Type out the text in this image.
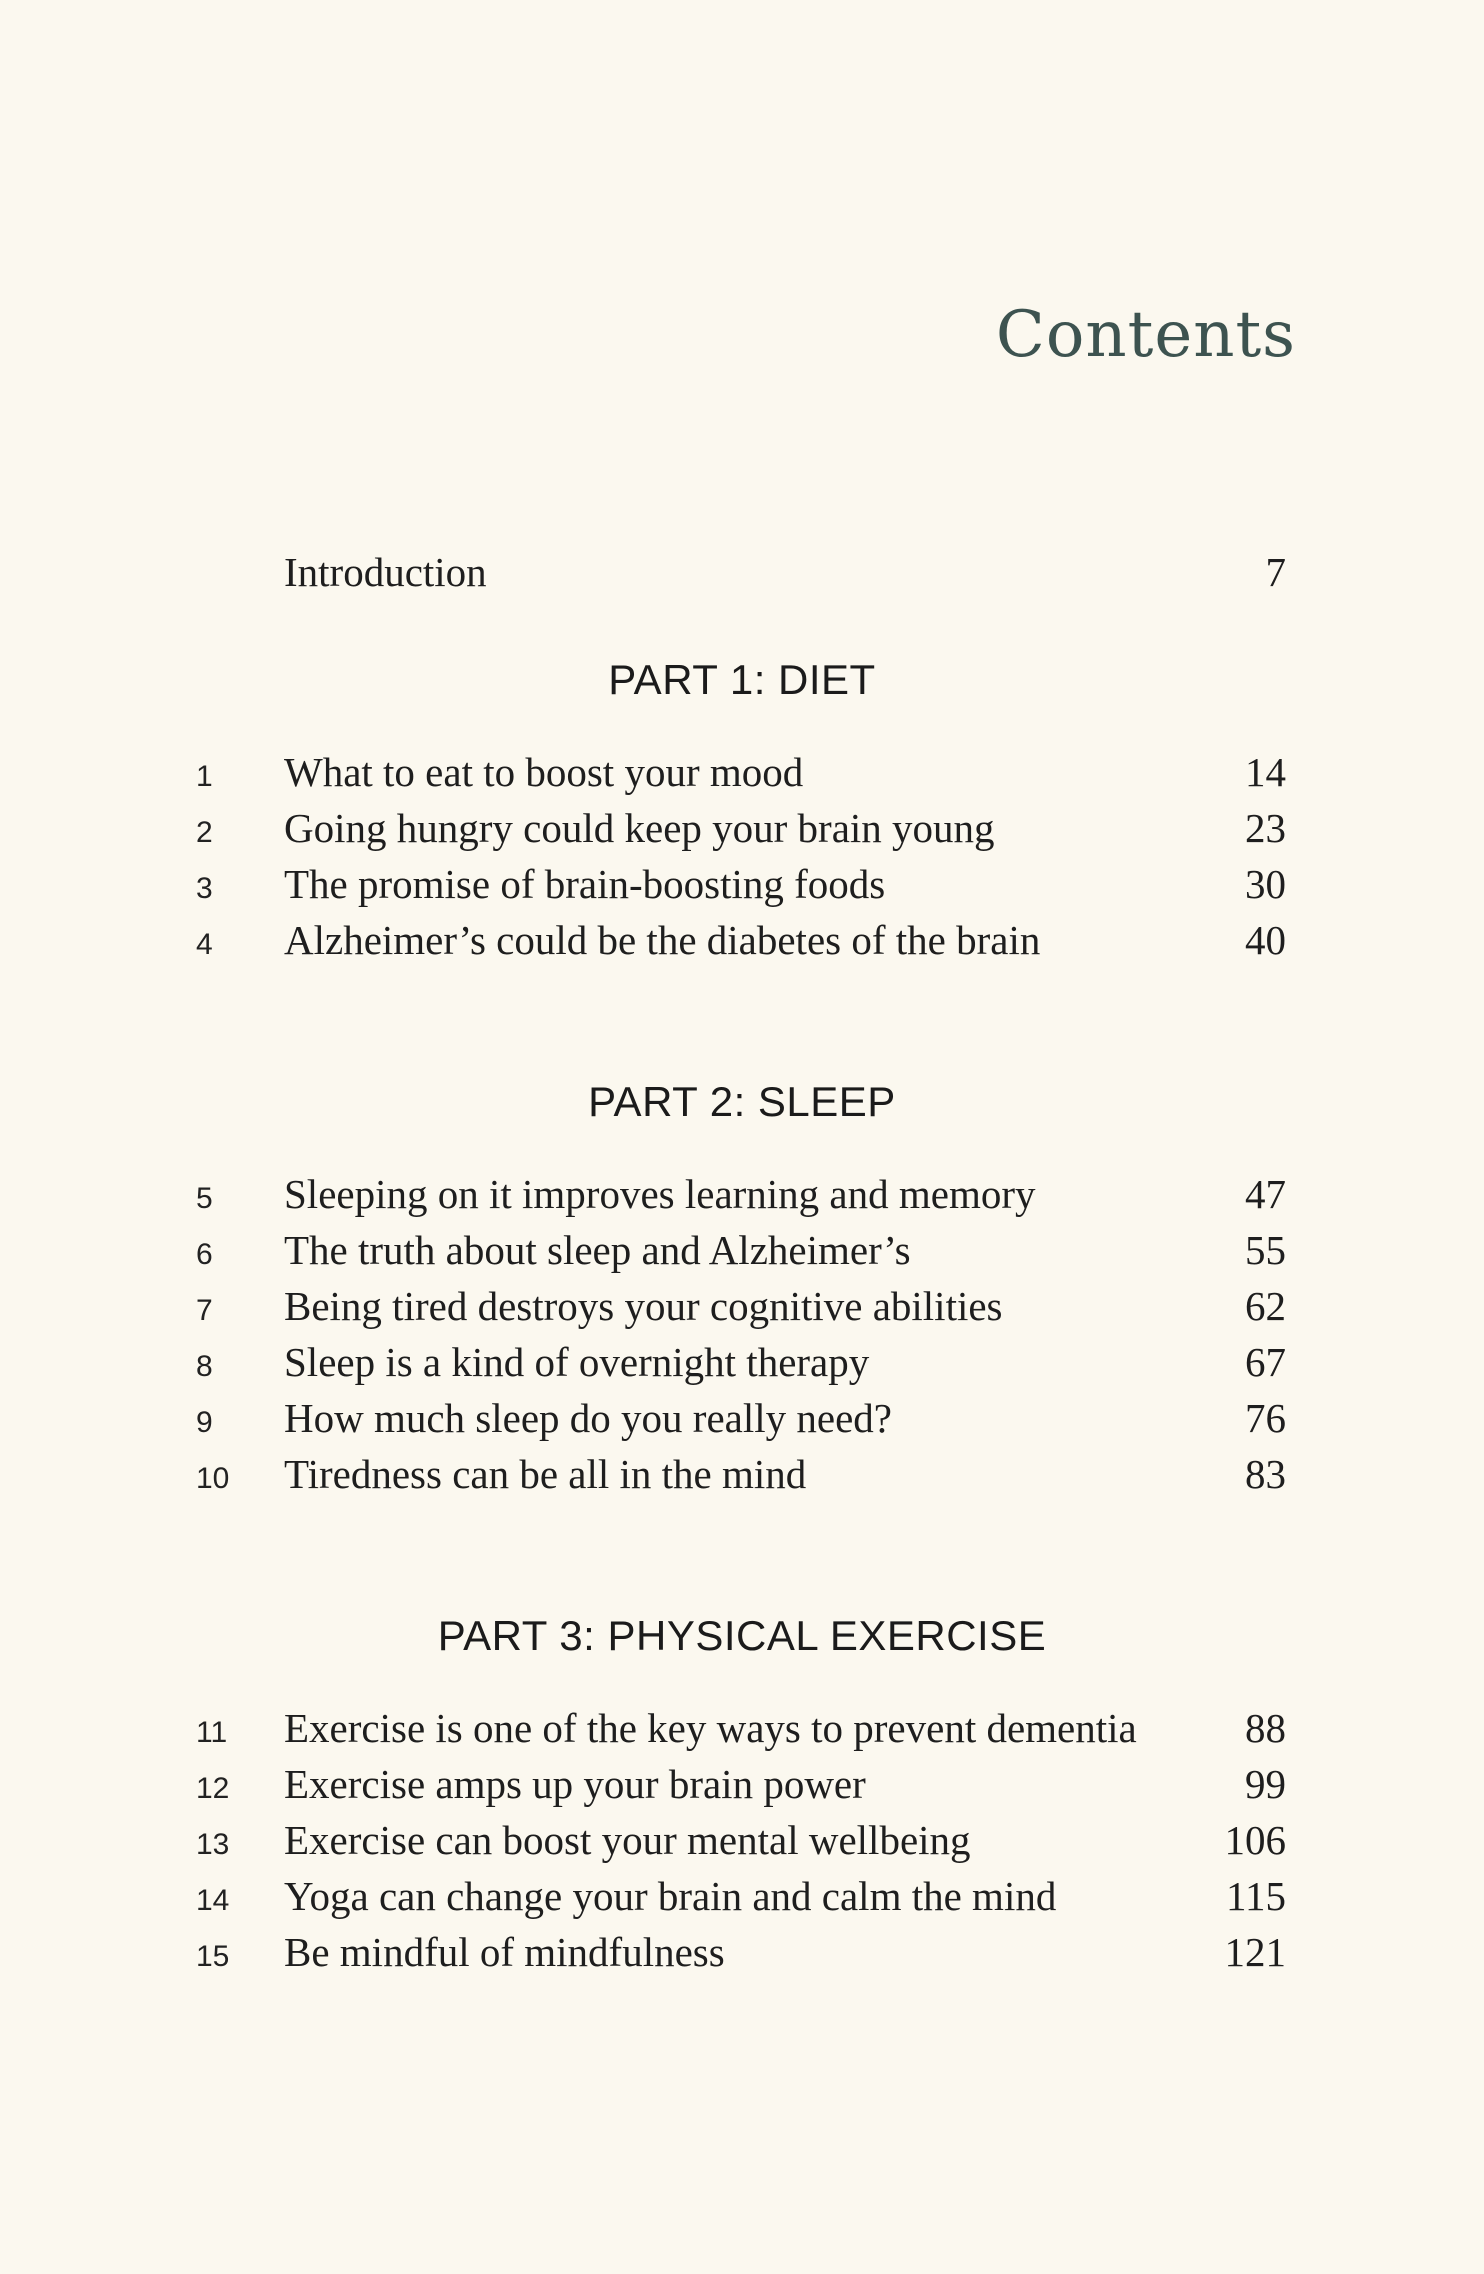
Contents
Introduction	7
PART 1: DIET
1	What to eat to boost your mood	14
2	Going hungry could keep your brain young	23
3	The promise of brain-boosting foods	30
4	Alzheimer’s could be the diabetes of the brain	40
PART 2: SLEEP
5	Sleeping on it improves learning and memory	47
6	The truth about sleep and Alzheimer’s	55
7	Being tired destroys your cognitive abilities	62
8	Sleep is a kind of overnight therapy	67
9	How much sleep do you really need?	76
10	Tiredness can be all in the mind	83
PART 3: PHYSICAL EXERCISE
11	Exercise is one of the key ways to prevent dementia	88
12	Exercise amps up your brain power	99
13	Exercise can boost your mental wellbeing	106
14	Yoga can change your brain and calm the mind	115
15	Be mindful of mindfulness	121
